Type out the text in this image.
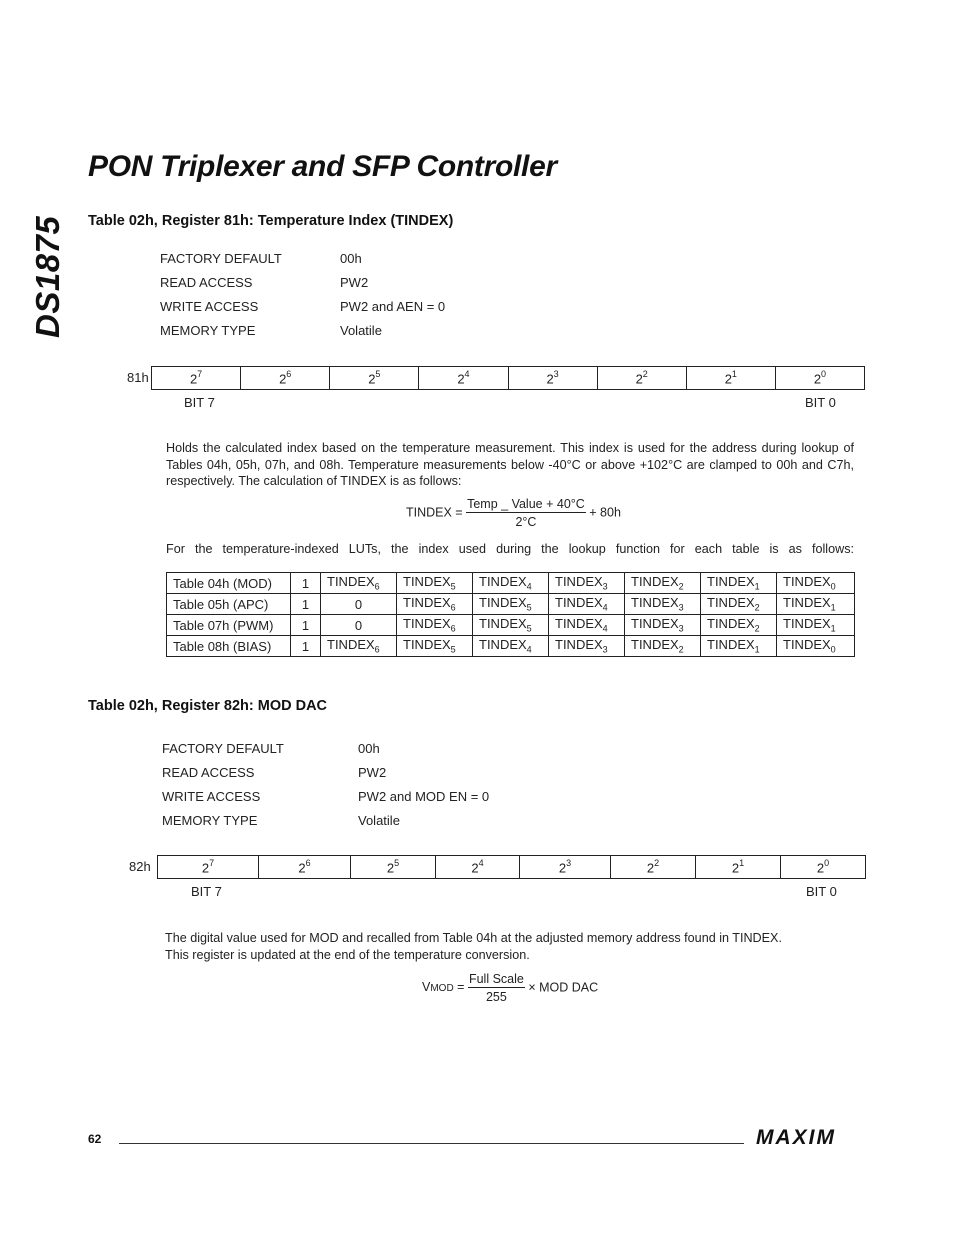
DS1875
PON Triplexer and SFP Controller
Table 02h, Register 81h: Temperature Index (TINDEX)
FACTORY DEFAULT	00h
READ ACCESS	PW2
WRITE ACCESS	PW2 and AEN = 0
MEMORY TYPE	Volatile
81h	$2^7$	$2^6$	$2^5$	$2^4$	$2^3$	$2^2$	$2^1$	$2^0$
BIT 7	BIT 0
Holds the calculated index based on the temperature measurement. This index is used for the address during lookup of Tables 04h, 05h, 07h, and 08h. Temperature measurements below -40°C or above +102°C are clamped to 00h and C7h, respectively. The calculation of TINDEX is as follows:
TINDEX = $\frac{\text{Temp \_ Value + 40°C}}{2^\circ C} + 80h$
For the temperature-indexed LUTs, the index used during the lookup function for each table is as follows:
Table 04h (MOD)	1	$TINDEX_6$	$TINDEX_5$	$TINDEX_4$	$TINDEX_3$	$TINDEX_2$	$TINDEX_1$	$TINDEX_0$
Table 05h (APC)	1	0	$TINDEX_6$	$TINDEX_5$	$TINDEX_4$	$TINDEX_3$	$TINDEX_2$	$TINDEX_1$
Table 07h (PWM)	1	0	$TINDEX_6$	$TINDEX_5$	$TINDEX_4$	$TINDEX_3$	$TINDEX_2$	$TINDEX_1$
Table 08h (BIAS)	1	$TINDEX_6$	$TINDEX_5$	$TINDEX_4$	$TINDEX_3$	$TINDEX_2$	$TINDEX_1$	$TINDEX_0$
Table 02h, Register 82h: MOD DAC
FACTORY DEFAULT	00h
READ ACCESS	PW2
WRITE ACCESS	PW2 and MOD EN = 0
MEMORY TYPE	Volatile
82h	$2^7$	$2^6$	$2^5$	$2^4$	$2^3$	$2^2$	$2^1$	$2^0$
BIT 7	BIT 0
The digital value used for MOD and recalled from Table 04h at the adjusted memory address found in TINDEX.
This register is updated at the end of the temperature conversion.
VMOD = $\frac{\text{Full Scale}}{255}$ × MOD DAC
62	MAXIM
